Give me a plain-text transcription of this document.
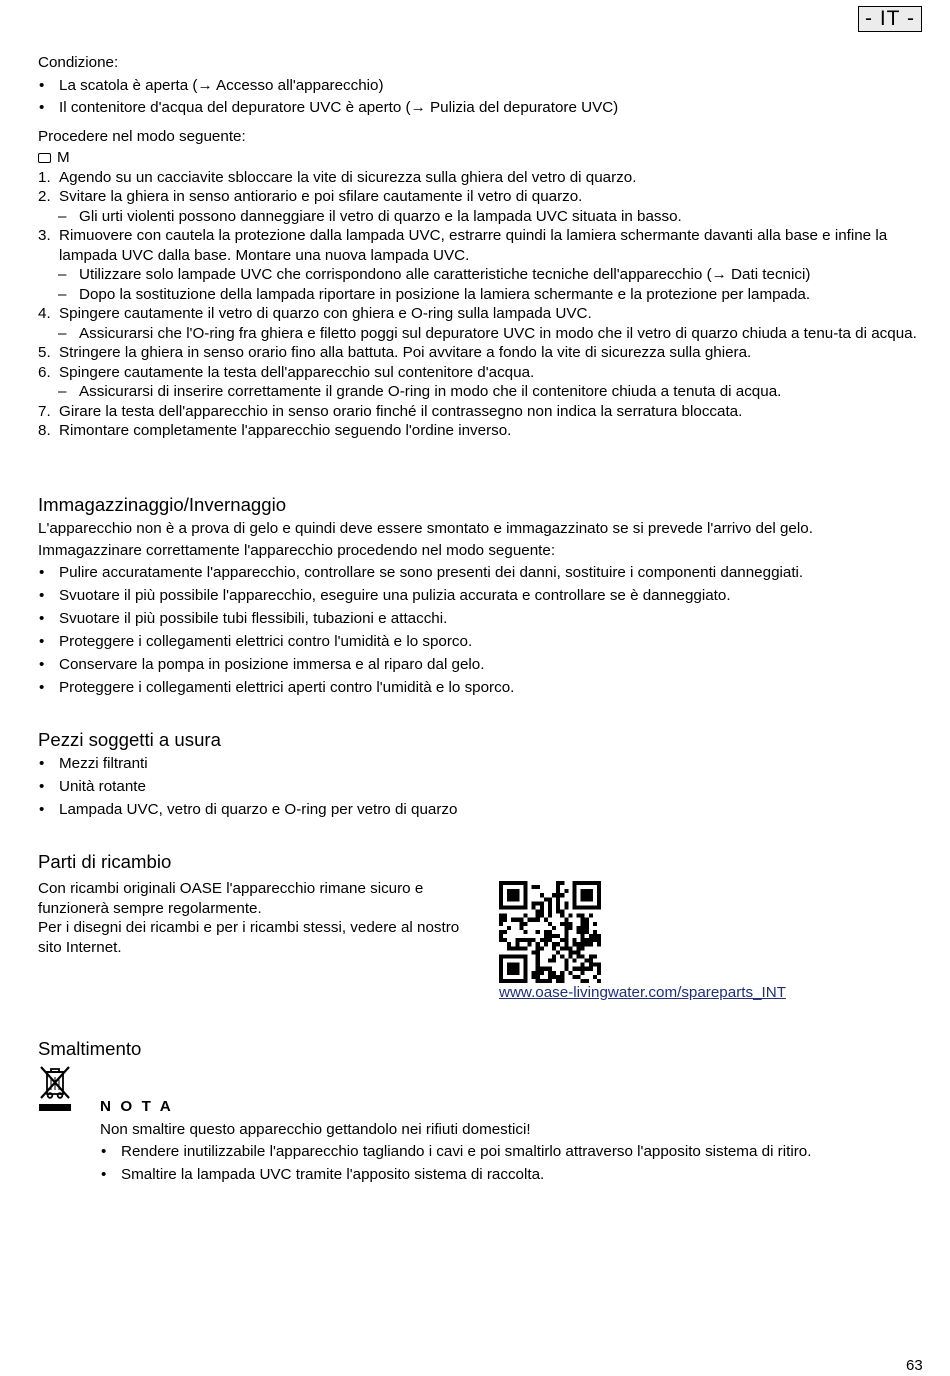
- IT -

Condizione:

• La scatola è aperta (→ Accesso all'apparecchio)
• Il contenitore d'acqua del depuratore UVC è aperto (→ Pulizia del depuratore UVC)

Procedere nel modo seguente:

M

1. Agendo su un cacciavite sbloccare la vite di sicurezza sulla ghiera del vetro di quarzo.
2. Svitare la ghiera in senso antiorario e poi sfilare cautamente il vetro di quarzo.
– Gli urti violenti possono danneggiare il vetro di quarzo e la lampada UVC situata in basso.
3. Rimuovere con cautela la protezione dalla lampada UVC, estrarre quindi la lamiera schermante davanti alla base e infine la lampada UVC dalla base. Montare una nuova lampada UVC.
– Utilizzare solo lampade UVC che corrispondono alle caratteristiche tecniche dell'apparecchio (→ Dati tecnici)
– Dopo la sostituzione della lampada riportare in posizione la lamiera schermante e la protezione per lampada.
4. Spingere cautamente il vetro di quarzo con ghiera e O-ring sulla lampada UVC.
– Assicurarsi che l'O-ring fra ghiera e filetto poggi sul depuratore UVC in modo che il vetro di quarzo chiuda a tenu-ta di acqua.
5. Stringere la ghiera in senso orario fino alla battuta. Poi avvitare a fondo la vite di sicurezza sulla ghiera.
6. Spingere cautamente la testa dell'apparecchio sul contenitore d'acqua.
– Assicurarsi di inserire correttamente il grande O-ring in modo che il contenitore chiuda a tenuta di acqua.
7. Girare la testa dell'apparecchio in senso orario finché il contrassegno non indica la serratura bloccata.
8. Rimontare completamente l'apparecchio seguendo l'ordine inverso.

Immagazzinaggio/Invernaggio

L'apparecchio non è a prova di gelo e quindi deve essere smontato e immagazzinato se si prevede l'arrivo del gelo.

Immagazzinare correttamente l'apparecchio procedendo nel modo seguente:

• Pulire accuratamente l'apparecchio, controllare se sono presenti dei danni, sostituire i componenti danneggiati.
• Svuotare il più possibile l'apparecchio, eseguire una pulizia accurata e controllare se è danneggiato.
• Svuotare il più possibile tubi flessibili, tubazioni e attacchi.
• Proteggere i collegamenti elettrici contro l'umidità e lo sporco.
• Conservare la pompa in posizione immersa e al riparo dal gelo.
• Proteggere i collegamenti elettrici aperti contro l'umidità e lo sporco.

Pezzi soggetti a usura

• Mezzi filtranti
• Unità rotante
• Lampada UVC, vetro di quarzo e O-ring per vetro di quarzo

Parti di ricambio

Con ricambi originali OASE l'apparecchio rimane sicuro e funzionerà sempre regolarmente.

Per i disegni dei ricambi e per i ricambi stessi, vedere al nostro sito Internet.

www.oase-livingwater.com/spareparts_INT

Smaltimento

N O T A

Non smaltire questo apparecchio gettandolo nei rifiuti domestici!

• Rendere inutilizzabile l'apparecchio tagliando i cavi e poi smaltirlo attraverso l'apposito sistema di ritiro.
• Smaltire la lampada UVC tramite l'apposito sistema di raccolta.
63
